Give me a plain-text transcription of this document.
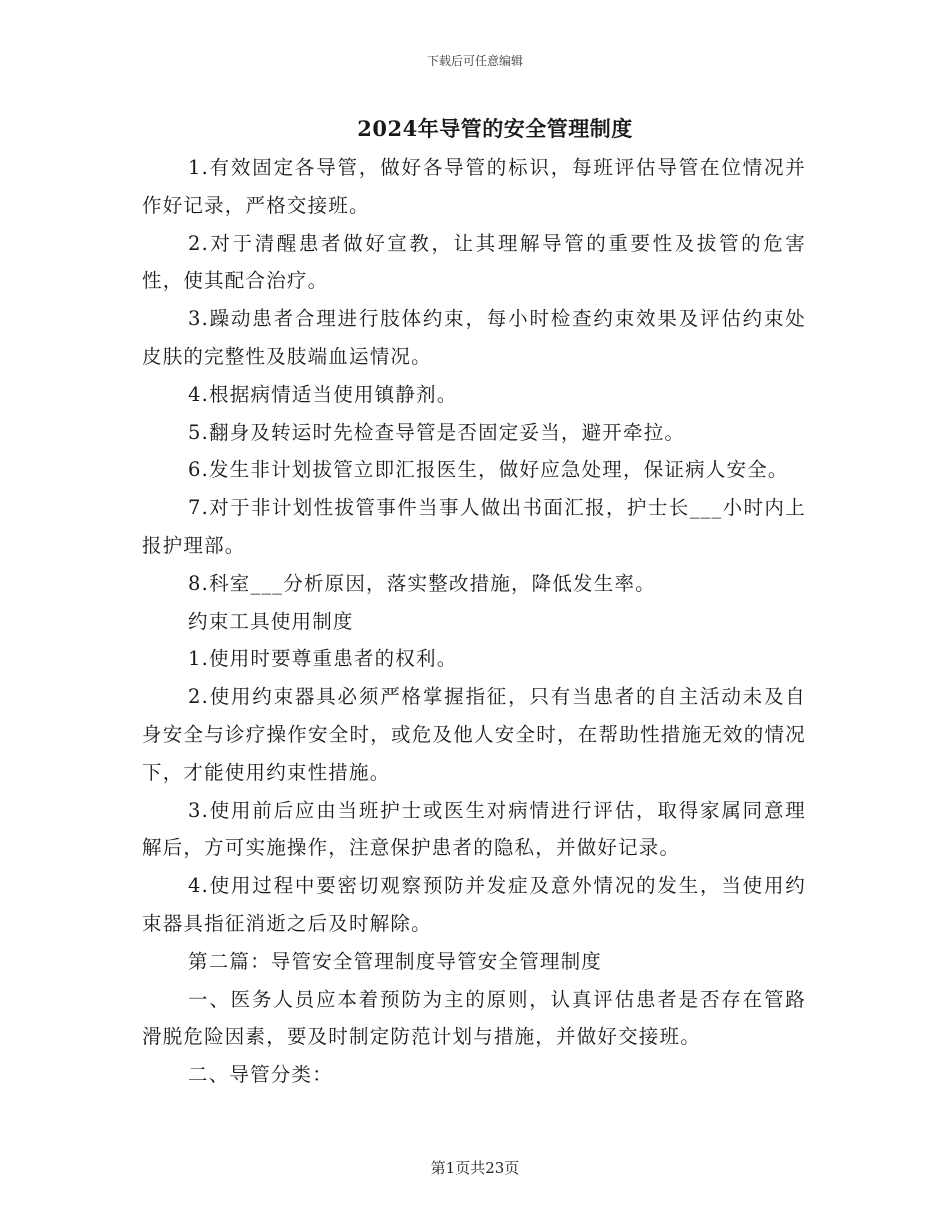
下载后可任意编辑
2024年导管的安全管理制度

1.有效固定各导管，做好各导管的标识，每班评估导管在位情况并作好记录，严格交接班。

2.对于清醒患者做好宣教，让其理解导管的重要性及拔管的危害性，使其配合治疗。

3.躁动患者合理进行肢体约束，每小时检查约束效果及评估约束处皮肤的完整性及肢端血运情况。

4.根据病情适当使用镇静剂。

5.翻身及转运时先检查导管是否固定妥当，避开牵拉。

6.发生非计划拔管立即汇报医生，做好应急处理，保证病人安全。

7.对于非计划性拔管事件当事人做出书面汇报，护士长___小时内上报护理部。

8.科室___分析原因，落实整改措施，降低发生率。

约束工具使用制度

1.使用时要尊重患者的权利。

2.使用约束器具必须严格掌握指征，只有当患者的自主活动未及自身安全与诊疗操作安全时，或危及他人安全时，在帮助性措施无效的情况下，才能使用约束性措施。

3.使用前后应由当班护士或医生对病情进行评估，取得家属同意理解后，方可实施操作，注意保护患者的隐私，并做好记录。

4.使用过程中要密切观察预防并发症及意外情况的发生，当使用约束器具指征消逝之后及时解除。

第二篇：导管安全管理制度导管安全管理制度

一、医务人员应本着预防为主的原则，认真评估患者是否存在管路滑脱危险因素，要及时制定防范计划与措施，并做好交接班。

二、导管分类：

第1页共23页
